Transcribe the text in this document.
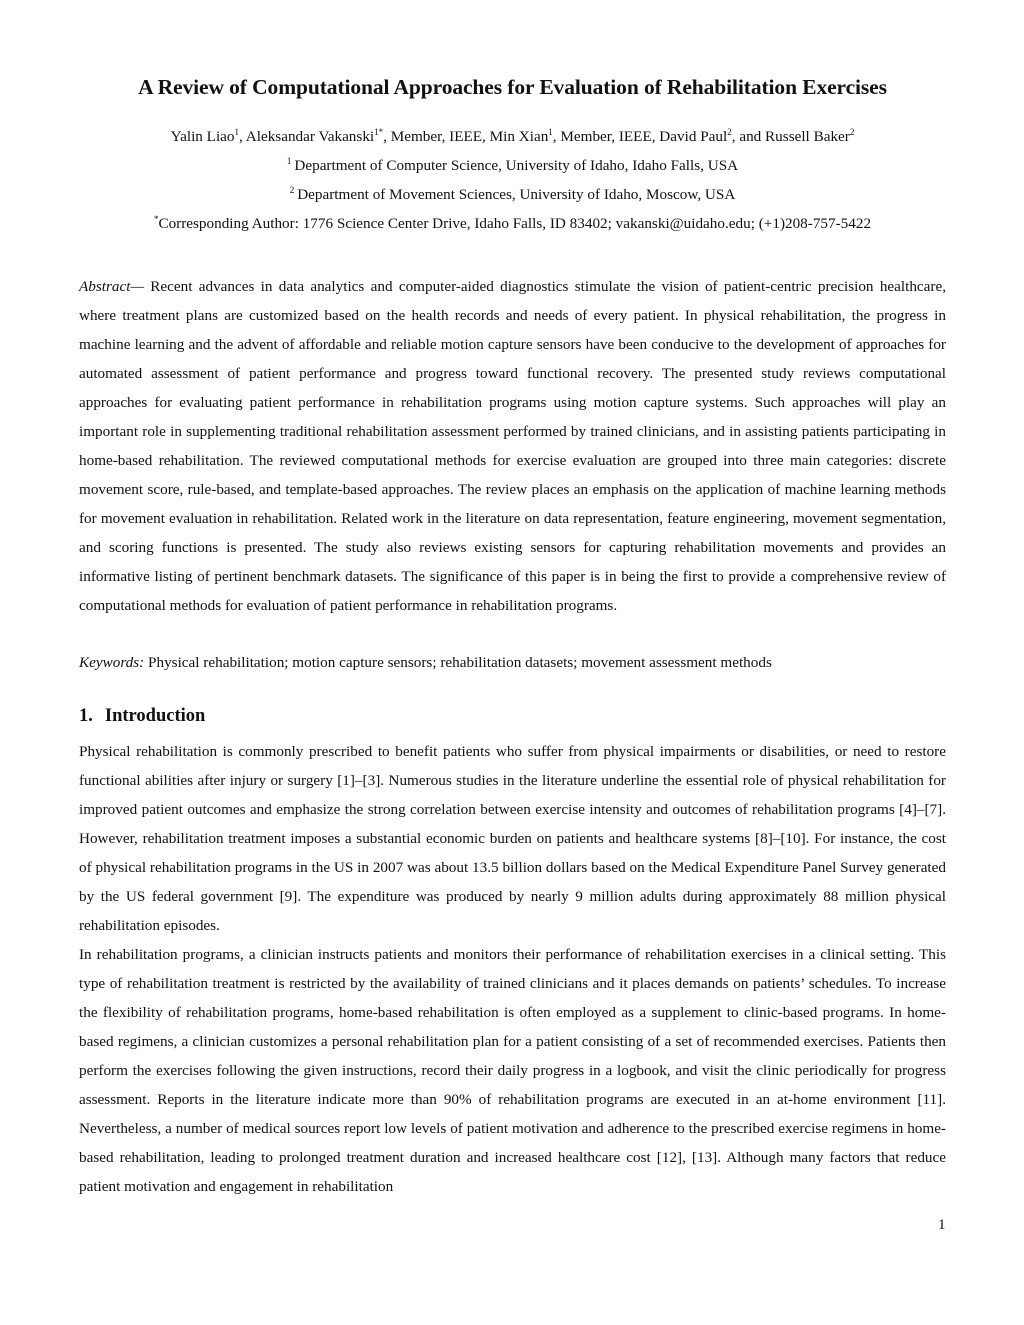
A Review of Computational Approaches for Evaluation of Rehabilitation Exercises
Yalin Liao$^1$, Aleksandar Vakanski$^{1*}$, Member, IEEE, Min Xian$^1$, Member, IEEE, David Paul$^2$, and Russell Baker$^2$
$^1$ Department of Computer Science, University of Idaho, Idaho Falls, USA
$^2$ Department of Movement Sciences, University of Idaho, Moscow, USA
*Corresponding Author: 1776 Science Center Drive, Idaho Falls, ID 83402; vakanski@uidaho.edu; (+1)208-757-5422

Abstract— Recent advances in data analytics and computer-aided diagnostics stimulate the vision of patient-centric precision healthcare, where treatment plans are customized based on the health records and needs of every patient. In physical rehabilitation, the progress in machine learning and the advent of affordable and reliable motion capture sensors have been conducive to the development of approaches for automated assessment of patient performance and progress toward functional recovery. The presented study reviews computational approaches for evaluating patient performance in rehabilitation programs using motion capture systems. Such approaches will play an important role in supplementing traditional rehabilitation assessment performed by trained clinicians, and in assisting patients participating in home-based rehabilitation. The reviewed computational methods for exercise evaluation are grouped into three main categories: discrete movement score, rule-based, and template-based approaches. The review places an emphasis on the application of machine learning methods for movement evaluation in rehabilitation. Related work in the literature on data representation, feature engineering, movement segmentation, and scoring functions is presented. The study also reviews existing sensors for capturing rehabilitation movements and provides an informative listing of pertinent benchmark datasets. The significance of this paper is in being the first to provide a comprehensive review of computational methods for evaluation of patient performance in rehabilitation programs.

Keywords: Physical rehabilitation; motion capture sensors; rehabilitation datasets; movement assessment methods

1. Introduction

Physical rehabilitation is commonly prescribed to benefit patients who suffer from physical impairments or disabilities, or need to restore functional abilities after injury or surgery [1]–[3]. Numerous studies in the literature underline the essential role of physical rehabilitation for improved patient outcomes and emphasize the strong correlation between exercise intensity and outcomes of rehabilitation programs [4]–[7]. However, rehabilitation treatment imposes a substantial economic burden on patients and healthcare systems [8]–[10]. For instance, the cost of physical rehabilitation programs in the US in 2007 was about 13.5 billion dollars based on the Medical Expenditure Panel Survey generated by the US federal government [9]. The expenditure was produced by nearly 9 million adults during approximately 88 million physical rehabilitation episodes.

In rehabilitation programs, a clinician instructs patients and monitors their performance of rehabilitation exercises in a clinical setting. This type of rehabilitation treatment is restricted by the availability of trained clinicians and it places demands on patients’ schedules. To increase the flexibility of rehabilitation programs, home-based rehabilitation is often employed as a supplement to clinic-based programs. In home-based regimens, a clinician customizes a personal rehabilitation plan for a patient consisting of a set of recommended exercises. Patients then perform the exercises following the given instructions, record their daily progress in a logbook, and visit the clinic periodically for progress assessment. Reports in the literature indicate more than 90% of rehabilitation programs are executed in an at-home environment [11]. Nevertheless, a number of medical sources report low levels of patient motivation and adherence to the prescribed exercise regimens in home-based rehabilitation, leading to prolonged treatment duration and increased healthcare cost [12], [13]. Although many factors that reduce patient motivation and engagement in rehabilitation

1
